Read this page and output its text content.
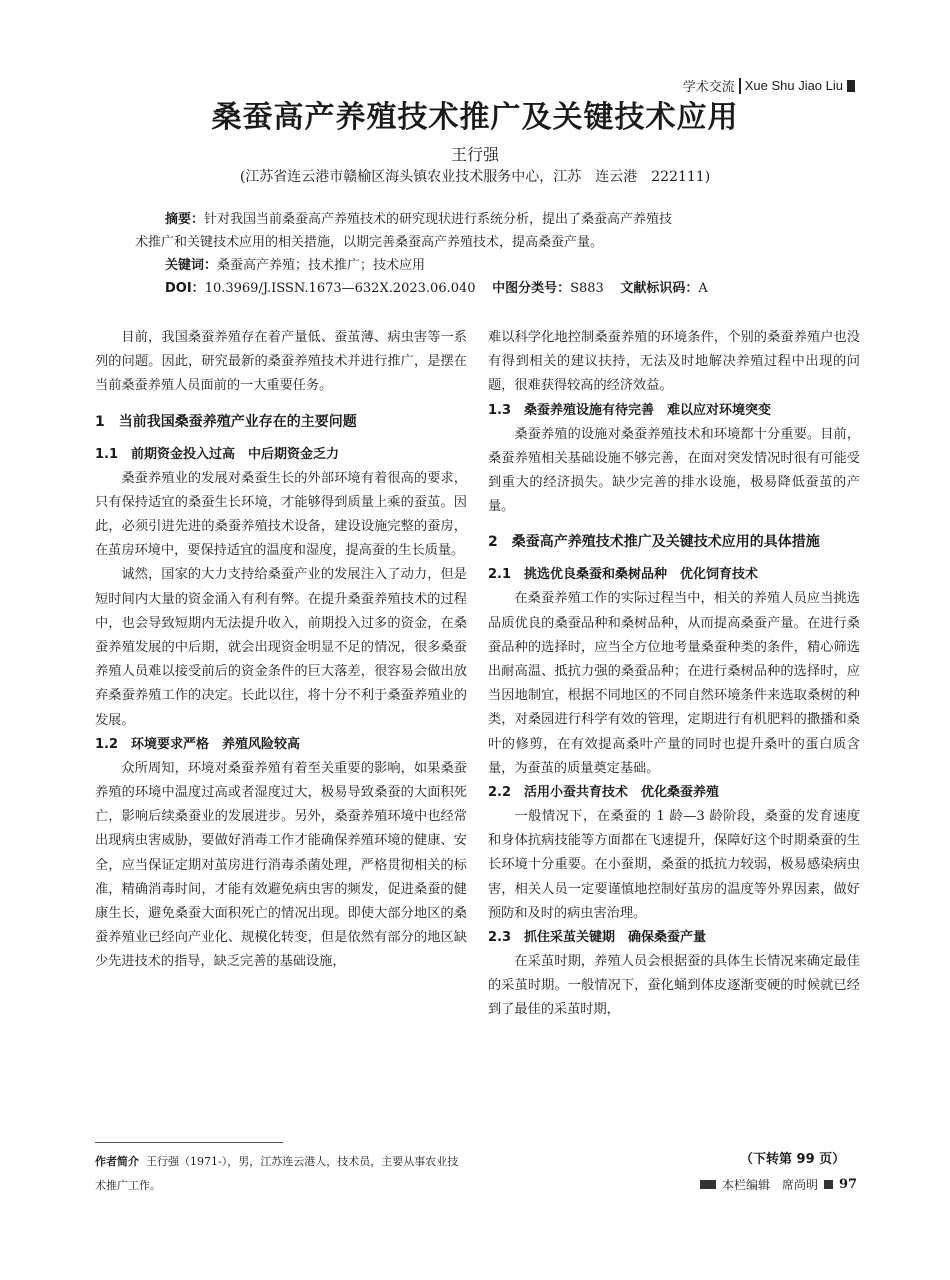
学术交流 Xue Shu Jiao Liu
桑蚕高产养殖技术推广及关键技术应用
王行强
(江苏省连云港市赣榆区海头镇农业技术服务中心，江苏　连云港　222111)
摘要：针对我国当前桑蚕高产养殖技术的研究现状进行系统分析，提出了桑蚕高产养殖技
术推广和关键技术应用的相关措施，以期完善桑蚕高产养殖技术，提高桑蚕产量。
关键词：桑蚕高产养殖；技术推广；技术应用
DOI：10.3969/J.ISSN.1673—632X.2023.06.040 中图分类号：S883 文献标识码：A

目前，我国桑蚕养殖存在着产量低、蚕茧薄、病虫害等一系列的问题。因此，研究最新的桑蚕养殖技术并进行推广，是摆在当前桑蚕养殖人员面前的一大重要任务。

1　当前我国桑蚕养殖产业存在的主要问题
1.1　前期资金投入过高　中后期资金乏力

桑蚕养殖业的发展对桑蚕生长的外部环境有着很高的要求，只有保持适宜的桑蚕生长环境，才能够得到质量上乘的蚕茧。因此，必须引进先进的桑蚕养殖技术设备，建设设施完整的蚕房，在茧房环境中，要保持适宜的温度和湿度，提高蚕的生长质量。

诚然，国家的大力支持给桑蚕产业的发展注入了动力，但是短时间内大量的资金涌入有利有弊。在提升桑蚕养殖技术的过程中，也会导致短期内无法提升收入，前期投入过多的资金，在桑蚕养殖发展的中后期，就会出现资金明显不足的情况，很多桑蚕养殖人员难以接受前后的资金条件的巨大落差，很容易会做出放弃桑蚕养殖工作的决定。长此以往，将十分不利于桑蚕养殖业的发展。

1.2　环境要求严格　养殖风险较高

众所周知，环境对桑蚕养殖有着至关重要的影响，如果桑蚕养殖的环境中温度过高或者湿度过大，极易导致桑蚕的大面积死亡，影响后续桑蚕业的发展进步。另外，桑蚕养殖环境中也经常出现病虫害威胁，要做好消毒工作才能确保养殖环境的健康、安全，应当保证定期对茧房进行消毒杀菌处理，严格贯彻相关的标准，精确消毒时间，才能有效避免病虫害的频发，促进桑蚕的健康生长，避免桑蚕大面积死亡的情况出现。即使大部分地区的桑蚕养殖业已经向产业化、规模化转变，但是依然有部分的地区缺少先进技术的指导，缺乏完善的基础设施，

难以科学化地控制桑蚕养殖的环境条件，个别的桑蚕养殖户也没有得到相关的建议扶持，无法及时地解决养殖过程中出现的问题，很难获得较高的经济效益。

1.3　桑蚕养殖设施有待完善　难以应对环境突变

桑蚕养殖的设施对桑蚕养殖技术和环境都十分重要。目前，桑蚕养殖相关基础设施不够完善，在面对突发情况时很有可能受到重大的经济损失。缺少完善的排水设施，极易降低蚕茧的产量。

2　桑蚕高产养殖技术推广及关键技术应用的具体措施
2.1　挑选优良桑蚕和桑树品种　优化饲育技术

在桑蚕养殖工作的实际过程当中，相关的养殖人员应当挑选品质优良的桑蚕品种和桑树品种，从而提高桑蚕产量。在进行桑蚕品种的选择时，应当全方位地考量桑蚕种类的条件，精心筛选出耐高温、抵抗力强的桑蚕品种；在进行桑树品种的选择时，应当因地制宜，根据不同地区的不同自然环境条件来选取桑树的种类，对桑园进行科学有效的管理，定期进行有机肥料的撒播和桑叶的修剪，在有效提高桑叶产量的同时也提升桑叶的蛋白质含量，为蚕茧的质量奠定基础。

2.2　活用小蚕共育技术　优化桑蚕养殖

一般情况下，在桑蚕的 1 龄—3 龄阶段，桑蚕的发育速度和身体抗病技能等方面都在飞速提升，保障好这个时期桑蚕的生长环境十分重要。在小蚕期，桑蚕的抵抗力较弱，极易感染病虫害，相关人员一定要谨慎地控制好茧房的温度等外界因素，做好预防和及时的病虫害治理。

2.3　抓住采茧关键期　确保桑蚕产量

在采茧时期，养殖人员会根据蚕的具体生长情况来确定最佳的采茧时期。一般情况下，蚕化蛹到体皮逐渐变硬的时候就已经到了最佳的采茧时期，

作者简介 王行强（1971-），男，江苏连云港人，技术员，主要从事农业技术推广工作。
（下转第 99 页）
本栏编辑　席尚明 97
